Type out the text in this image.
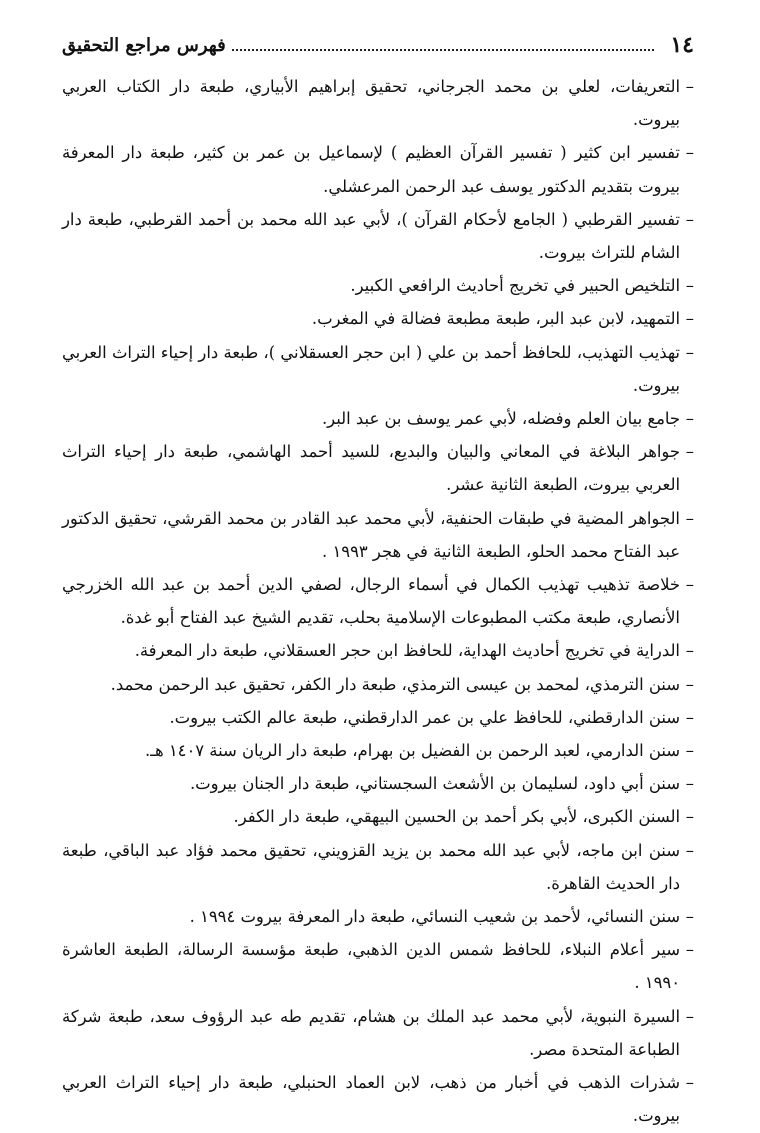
١٤
فهرس مراجع التحقيق
– التعريفات، لعلي بن محمد الجرجاني، تحقيق إبراهيم الأبياري، طبعة دار الكتاب العربي بيروت.
– تفسير ابن كثير ( تفسير القرآن العظيم ) لإسماعيل بن عمر بن كثير، طبعة دار المعرفة بيروت بتقديم الدكتور يوسف عبد الرحمن المرعشلي.
– تفسير القرطبي ( الجامع لأحكام القرآن )، لأبي عبد الله محمد بن أحمد القرطبي، طبعة دار الشام للتراث بيروت.
– التلخيص الحبير في تخريج أحاديث الرافعي الكبير.
– التمهيد، لابن عبد البر، طبعة مطبعة فضالة في المغرب.
– تهذيب التهذيب، للحافظ أحمد بن علي ( ابن حجر العسقلاني )، طبعة دار إحياء التراث العربي بيروت.
– جامع بيان العلم وفضله، لأبي عمر يوسف بن عبد البر.
– جواهر البلاغة في المعاني والبيان والبديع، للسيد أحمد الهاشمي، طبعة دار إحياء التراث العربي بيروت، الطبعة الثانية عشر.
– الجواهر المضية في طبقات الحنفية، لأبي محمد عبد القادر بن محمد القرشي، تحقيق الدكتور عبد الفتاح محمد الحلو، الطبعة الثانية في هجر ١٩٩٣ .
– خلاصة تذهيب تهذيب الكمال في أسماء الرجال، لصفي الدين أحمد بن عبد الله الخزرجي الأنصاري، طبعة مكتب المطبوعات الإسلامية بحلب، تقديم الشيخ عبد الفتاح أبو غدة.
– الدراية في تخريج أحاديث الهداية، للحافظ ابن حجر العسقلاني، طبعة دار المعرفة.
– سنن الترمذي، لمحمد بن عيسى الترمذي، طبعة دار الكفر، تحقيق عبد الرحمن محمد.
– سنن الدارقطني، للحافظ علي بن عمر الدارقطني، طبعة عالم الكتب بيروت.
– سنن الدارمي، لعبد الرحمن بن الفضيل بن بهرام، طبعة دار الريان سنة ١٤٠٧ هـ.
– سنن أبي داود، لسليمان بن الأشعث السجستاني، طبعة دار الجنان بيروت.
– السنن الكبرى، لأبي بكر أحمد بن الحسين البيهقي، طبعة دار الكفر.
– سنن ابن ماجه، لأبي عبد الله محمد بن يزيد القزويني، تحقيق محمد فؤاد عبد الباقي، طبعة دار الحديث القاهرة.
– سنن النسائي، لأحمد بن شعيب النسائي، طبعة دار المعرفة بيروت ١٩٩٤ .
– سير أعلام النبلاء، للحافظ شمس الدين الذهبي، طبعة مؤسسة الرسالة، الطبعة العاشرة ١٩٩٠ .
– السيرة النبوية، لأبي محمد عبد الملك بن هشام، تقديم طه عبد الرؤوف سعد، طبعة شركة الطباعة المتحدة مصر.
– شذرات الذهب في أخبار من ذهب، لابن العماد الحنبلي، طبعة دار إحياء التراث العربي بيروت.
